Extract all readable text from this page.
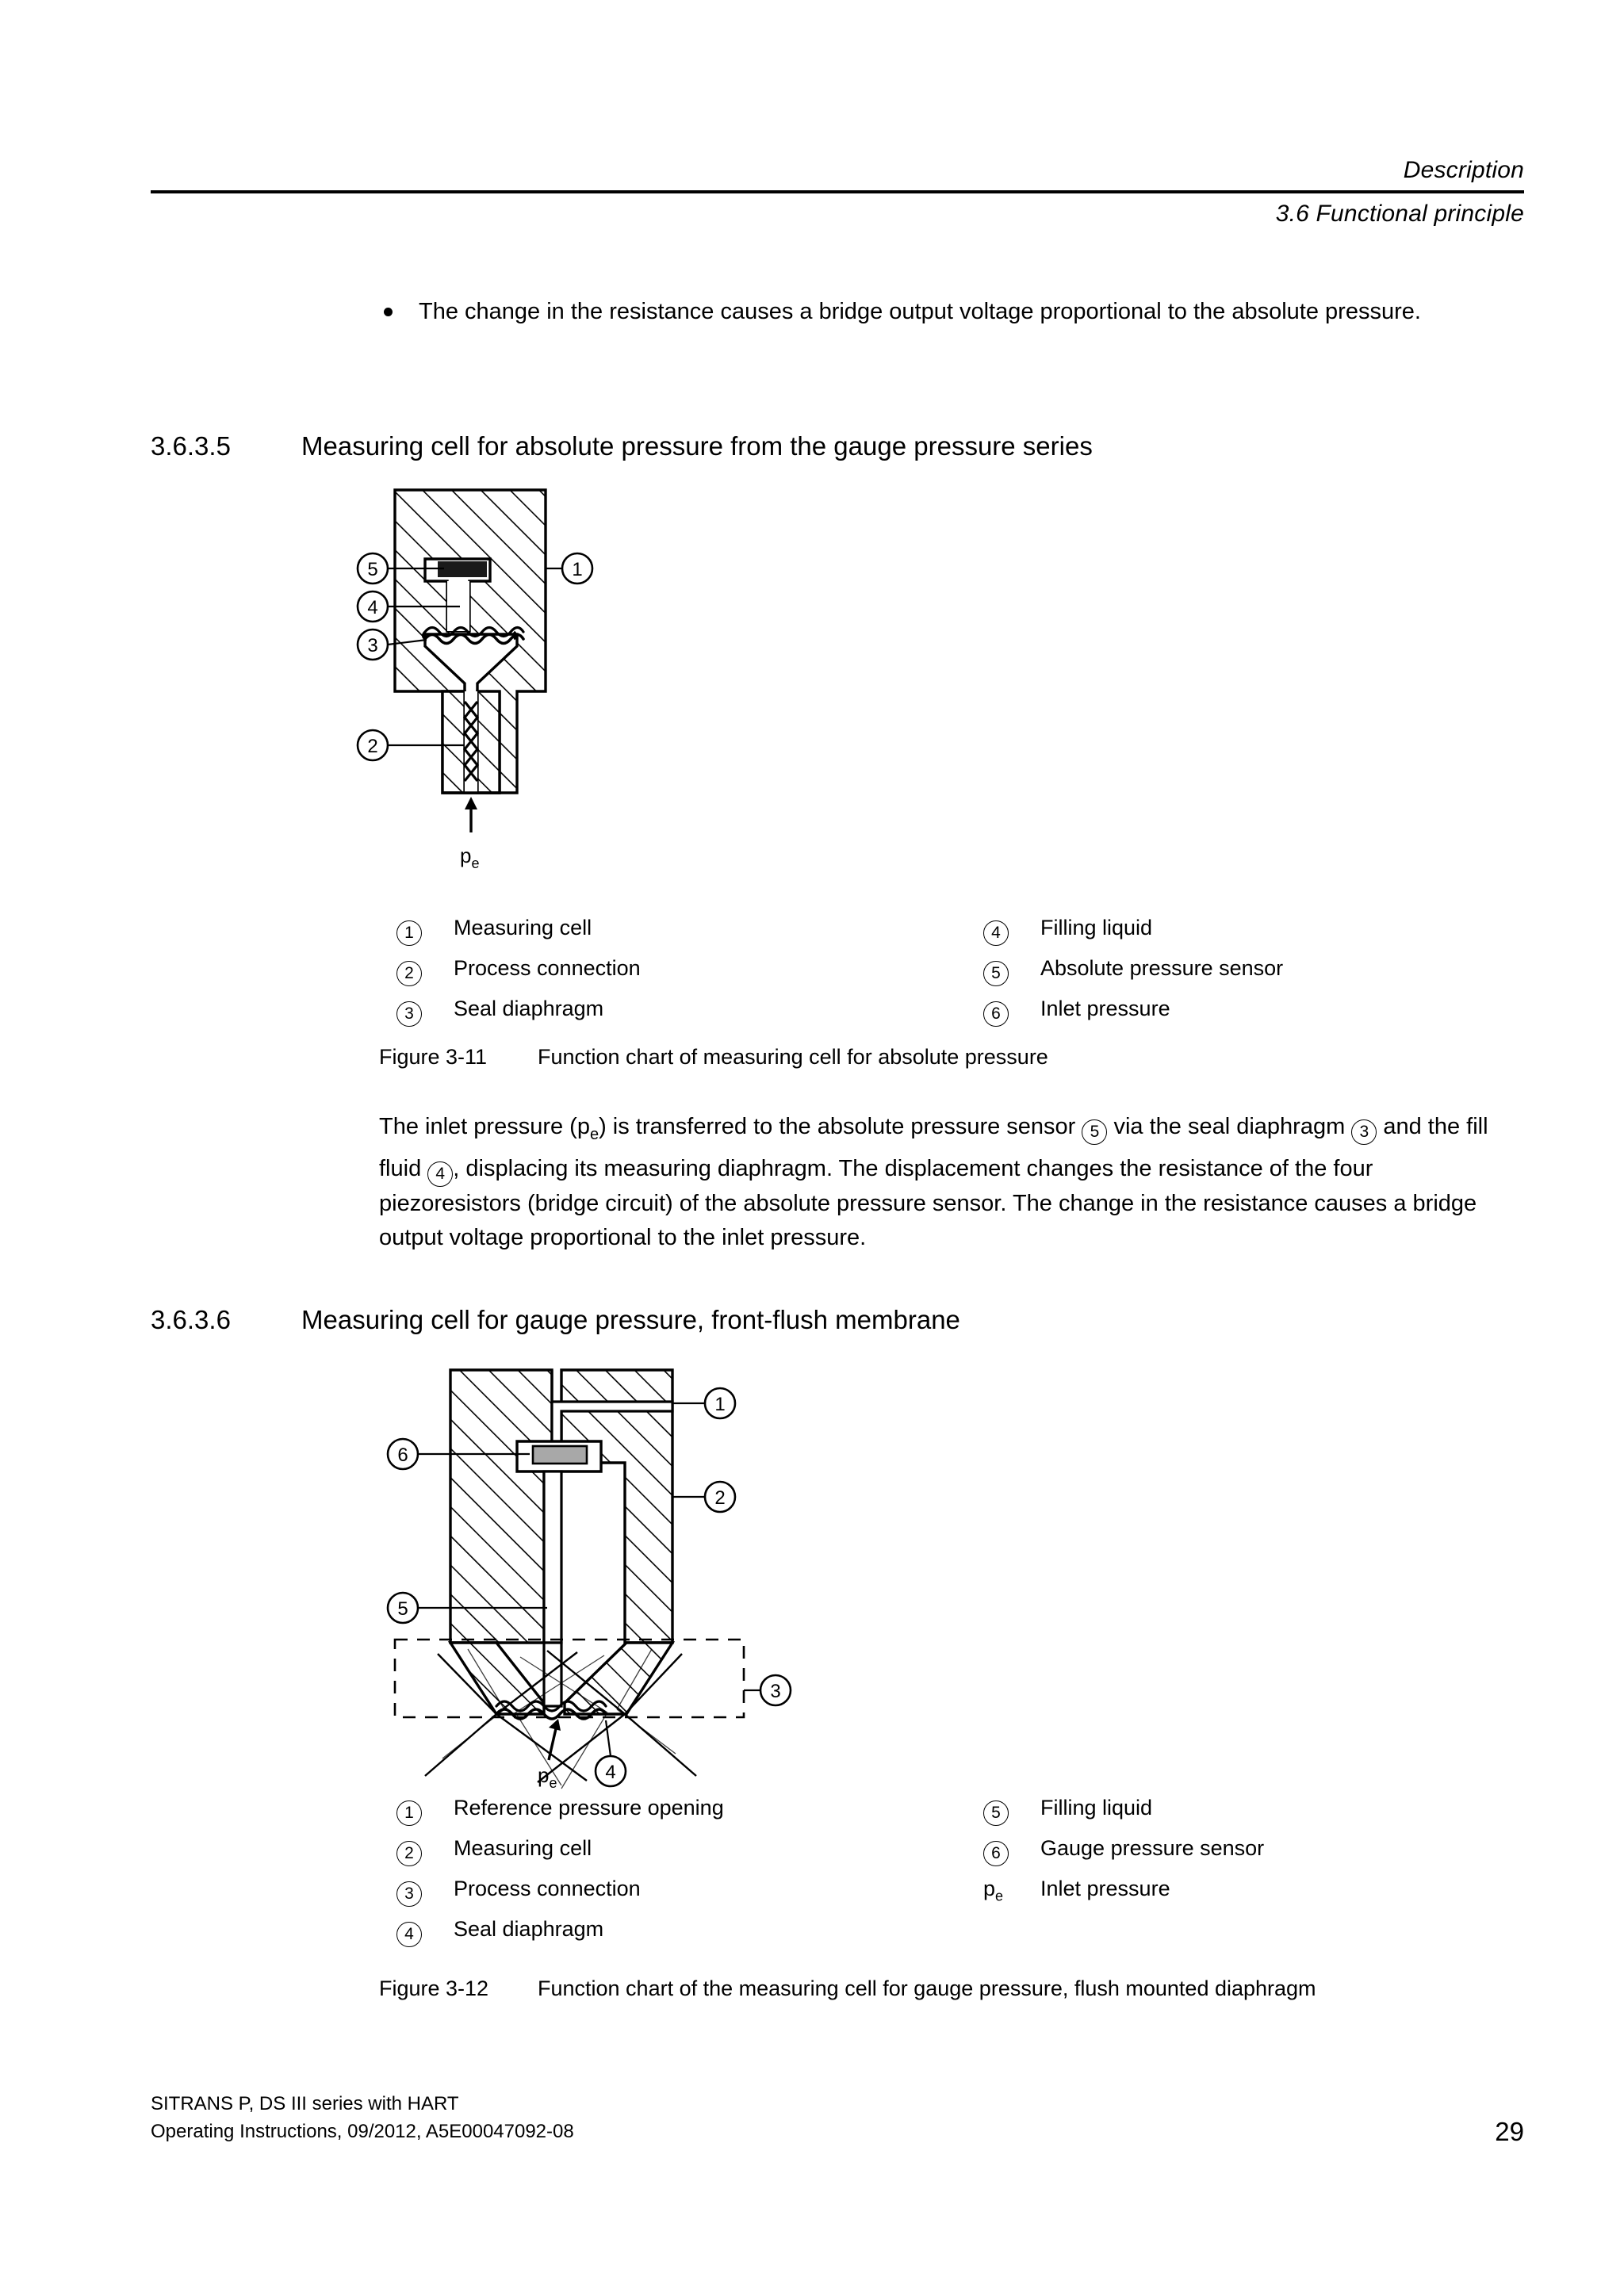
Description
3.6 Functional principle
The change in the resistance causes a bridge output voltage proportional to the absolute pressure.
3.6.3.5	Measuring cell for absolute pressure from the gauge pressure series
$p_e$
5
4
3
2
1
1	Measuring cell
2	Process connection
3	Seal diaphragm
4	Filling liquid
5	Absolute pressure sensor
6	Inlet pressure
Figure 3-11 Function chart of measuring cell for absolute pressure
The inlet pressure $(p_e)$ is transferred to the absolute pressure sensor 5 via the seal diaphragm 3 and the fill fluid 4 , displacing its measuring diaphragm. The displacement changes the resistance of the four piezoresistors (bridge circuit) of the absolute pressure sensor. The change in the resistance causes a bridge output voltage proportional to the inlet pressure.
3.6.3.6	Measuring cell for gauge pressure, front-flush membrane
$p_e$
1
6
2
5
3
4
1	Reference pressure opening
2	Measuring cell
3	Process connection
4	Seal diaphragm
5	Filling liquid
6	Gauge pressure sensor
$p_e$	Inlet pressure
Figure 3-12 Function chart of the measuring cell for gauge pressure, flush mounted diaphragm
SITRANS P, DS III series with HART
Operating Instructions, 09/2012, A5E00047092-08	29
